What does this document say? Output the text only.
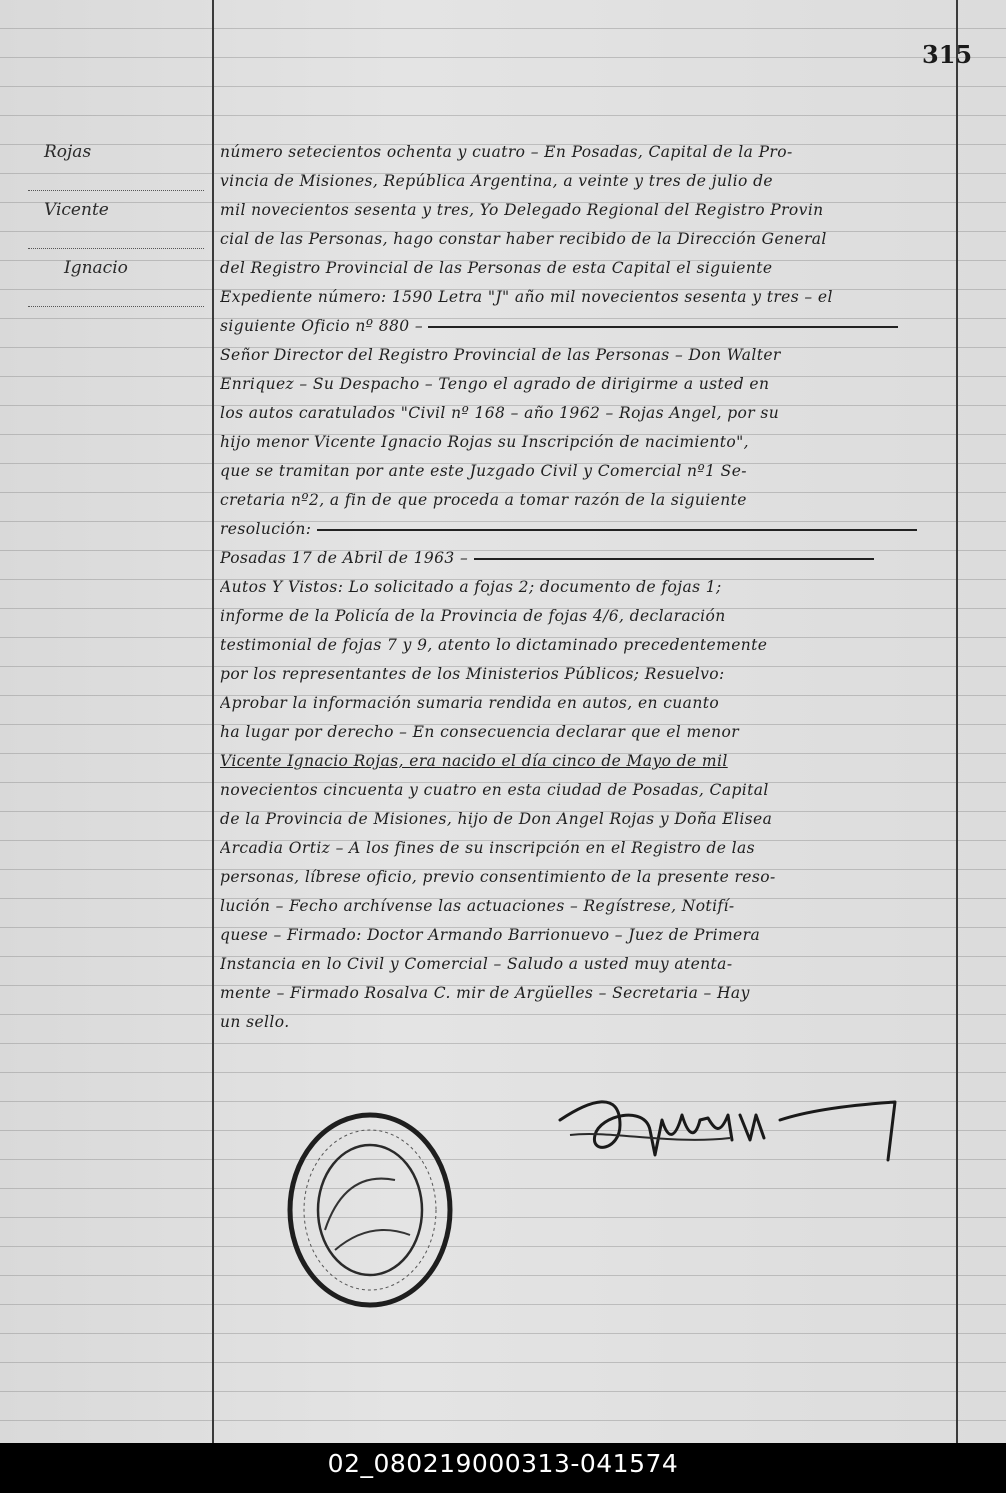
315
Rojas
Vicente
Ignacio
número setecientos ochenta y cuatro – En Posadas, Capital de la Pro-
vincia de Misiones, República Argentina, a veinte y tres de julio de
mil novecientos sesenta y tres, Yo Delegado Regional del Registro Provin
cial de las Personas, hago constar haber recibido de la Dirección General
del Registro Provincial de las Personas de esta Capital el siguiente
Expediente número: 1590 Letra "J" año mil novecientos sesenta y tres – el
siguiente Oficio nº 880 –
Señor Director del Registro Provincial de las Personas – Don Walter
Enriquez – Su Despacho – Tengo el agrado de dirigirme a usted en
los autos caratulados "Civil nº 168 – año 1962 – Rojas Angel, por su
hijo menor Vicente Ignacio Rojas su Inscripción de nacimiento",
que se tramitan por ante este Juzgado Civil y Comercial nº1 Se-
cretaria nº2, a fin de que proceda a tomar razón de la siguiente
resolución:
Posadas 17 de Abril de 1963 –
Autos Y Vistos: Lo solicitado a fojas 2; documento de fojas 1;
informe de la Policía de la Provincia de fojas 4/6, declaración
testimonial de fojas 7 y 9, atento lo dictaminado precedentemente
por los representantes de los Ministerios Públicos; Resuelvo:
Aprobar la información sumaria rendida en autos, en cuanto
ha lugar por derecho – En consecuencia declarar que el menor
Vicente Ignacio Rojas, era nacido el día cinco de Mayo de mil
novecientos cincuenta y cuatro en esta ciudad de Posadas, Capital
de la Provincia de Misiones, hijo de Don Angel Rojas y Doña Eliseа
Arcadia Ortiz – A los fines de su inscripción en el Registro de las
personas, líbrese oficio, previo consentimiento de la presente reso-
lución – Fecho archívense las actuaciones – Regístrese, Notifí-
quese – Firmado: Doctor Armando Barrionuevo – Juez de Primera
Instancia en lo Civil y Comercial – Saludo a usted muy atenta-
mente – Firmado Rosalva C. mir de Argüelles – Secretaria – Hay
un sello.
02_080219000313-041574
